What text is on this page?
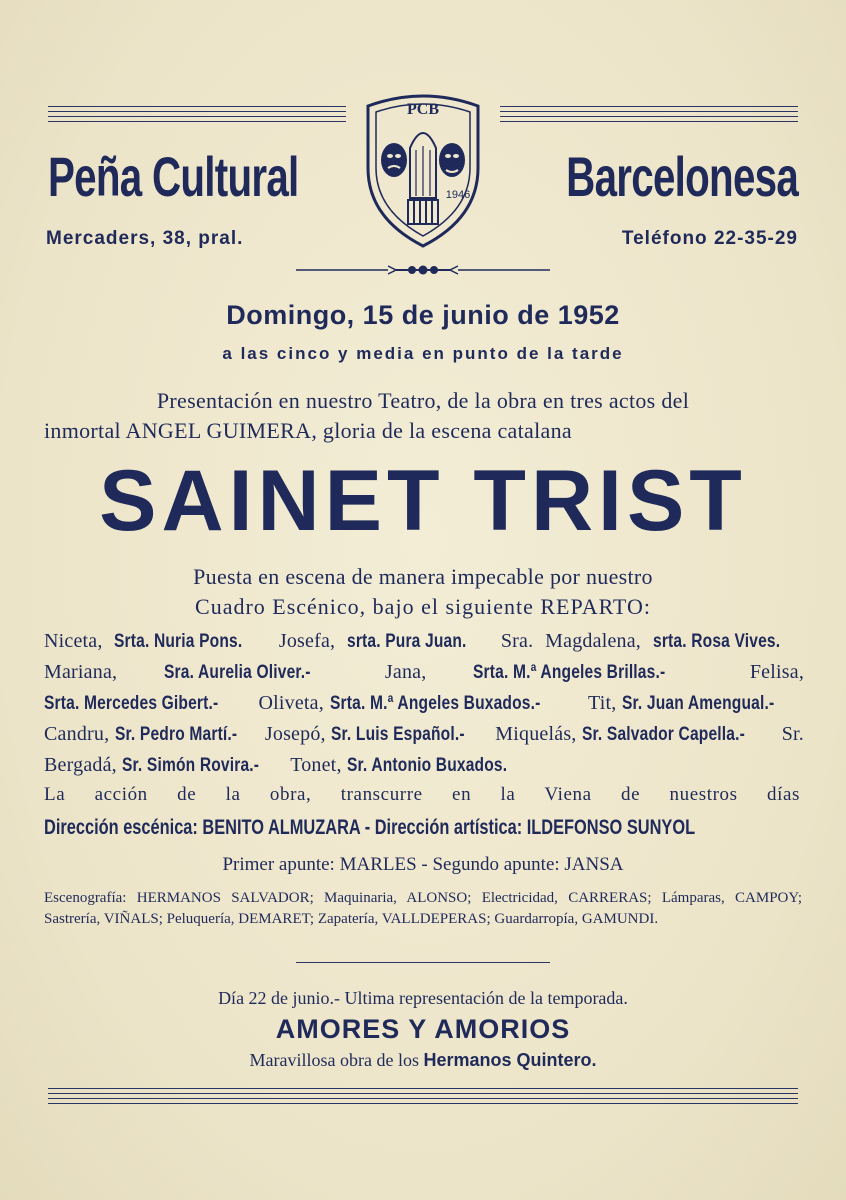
PCB
1946
Peña Cultural	Barcelonesa
Mercaders, 38, pral.	Teléfono 22-35-29
Domingo, 15 de junio de 1952
a las cinco y media en punto de la tarde
Presentación en nuestro Teatro, de la obra en tres actos del
inmortal ANGEL GUIMERA, gloria de la escena catalana
SAINET TRIST
Puesta en escena de manera impecable por nuestro
Cuadro Escénico, bajo el siguiente REPARTO:
Niceta, Srta. Nuria Pons. Josefa, srta. Pura Juan. Sra. Magdalena, srta. Rosa Vives. Mariana, Sra. Aurelia Oliver.-	Jana, Srta. M.ª Angeles Brillas.-	Felisa, Srta. Mercedes Gibert.- Oliveta, Srta. M.ª Angeles Buxados.- Tit, Sr. Juan Amengual.- Candru, Sr. Pedro Martí.- Josepó, Sr. Luis Español.- Miquelás, Sr. Salvador Capella.- Sr. Bergadá, Sr. Simón Rovira.- Tonet, Sr. Antonio Buxados.
La acción de la obra, transcurre en la Viena de nuestros días
Dirección escénica: BENITO ALMUZARA - Dirección artística: ILDEFONSO SUNYOL
Primer apunte: MARLES - Segundo apunte: JANSA
Escenografía: HERMANOS SALVADOR; Maquinaria, ALONSO; Electricidad, CARRERAS; Lámparas, CAMPOY; Sastrería, VIÑALS; Peluquería, DEMARET; Zapatería, VALLDEPERAS; Guardarropía, GAMUNDI.
Día 22 de junio.- Ultima representación de la temporada.
AMORES Y AMORIOS
Maravillosa obra de los Hermanos Quintero.
